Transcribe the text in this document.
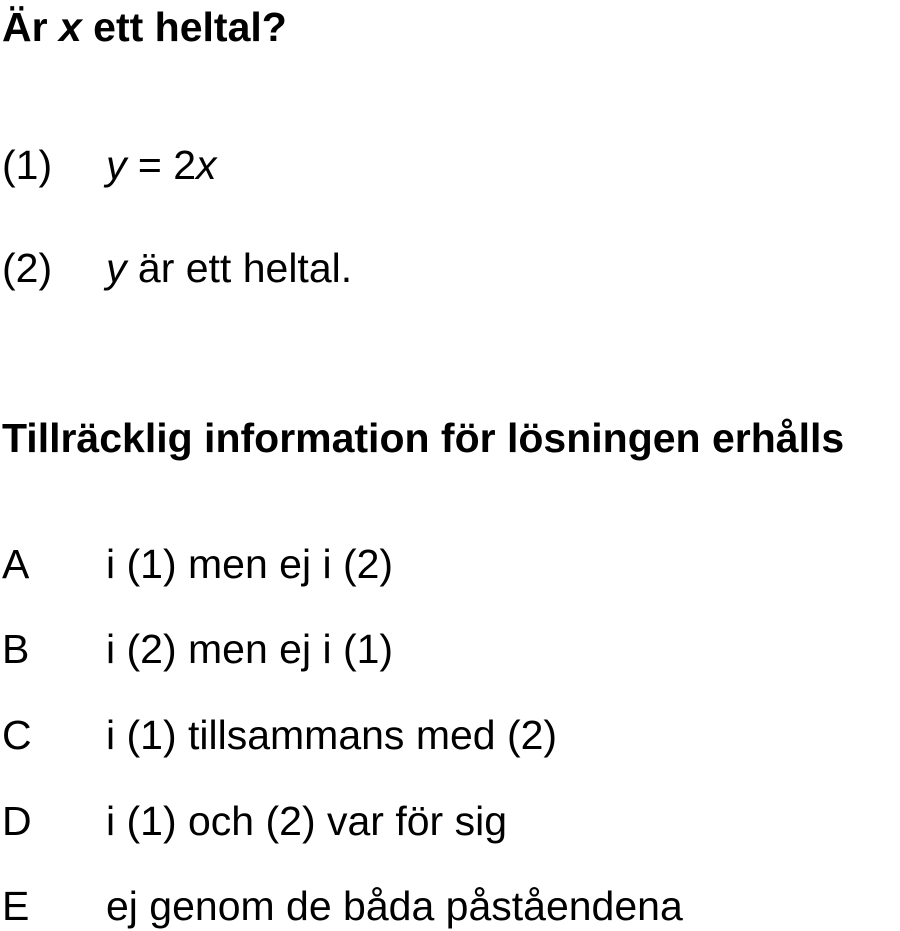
Är x ett heltal?
(1) y = 2x
(2) y är ett heltal.
Tillräcklig information för lösningen erhålls
A i (1) men ej i (2)
B i (2) men ej i (1)
C i (1) tillsammans med (2)
D i (1) och (2) var för sig
E ej genom de båda påståendena
